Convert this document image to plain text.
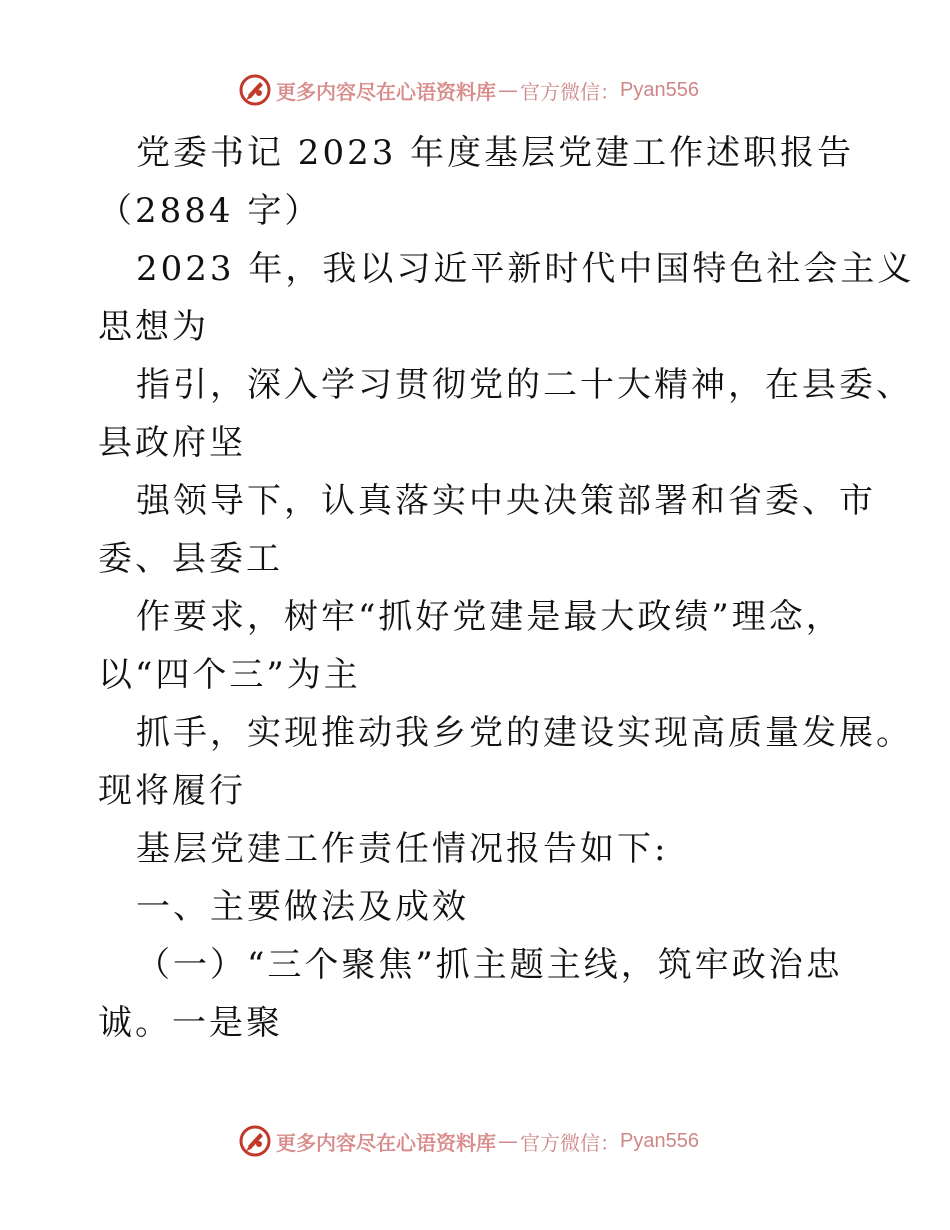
更多内容尽在心语资料库 — 官方微信： Pyan556
党委书记 2023 年度基层党建工作述职报告
（2884 字）
2023 年，我以习近平新时代中国特色社会主义
思想为
指引，深入学习贯彻党的二十大精神，在县委、
县政府坚
强领导下，认真落实中央决策部署和省委、市
委、县委工
作要求，树牢“抓好党建是最大政绩”理念，
以“四个三”为主
抓手，实现推动我乡党的建设实现高质量发展。
现将履行
基层党建工作责任情况报告如下:
一、主要做法及成效
（一）“三个聚焦”抓主题主线，筑牢政治忠
诚。一是聚
更多内容尽在心语资料库 — 官方微信： Pyan556
